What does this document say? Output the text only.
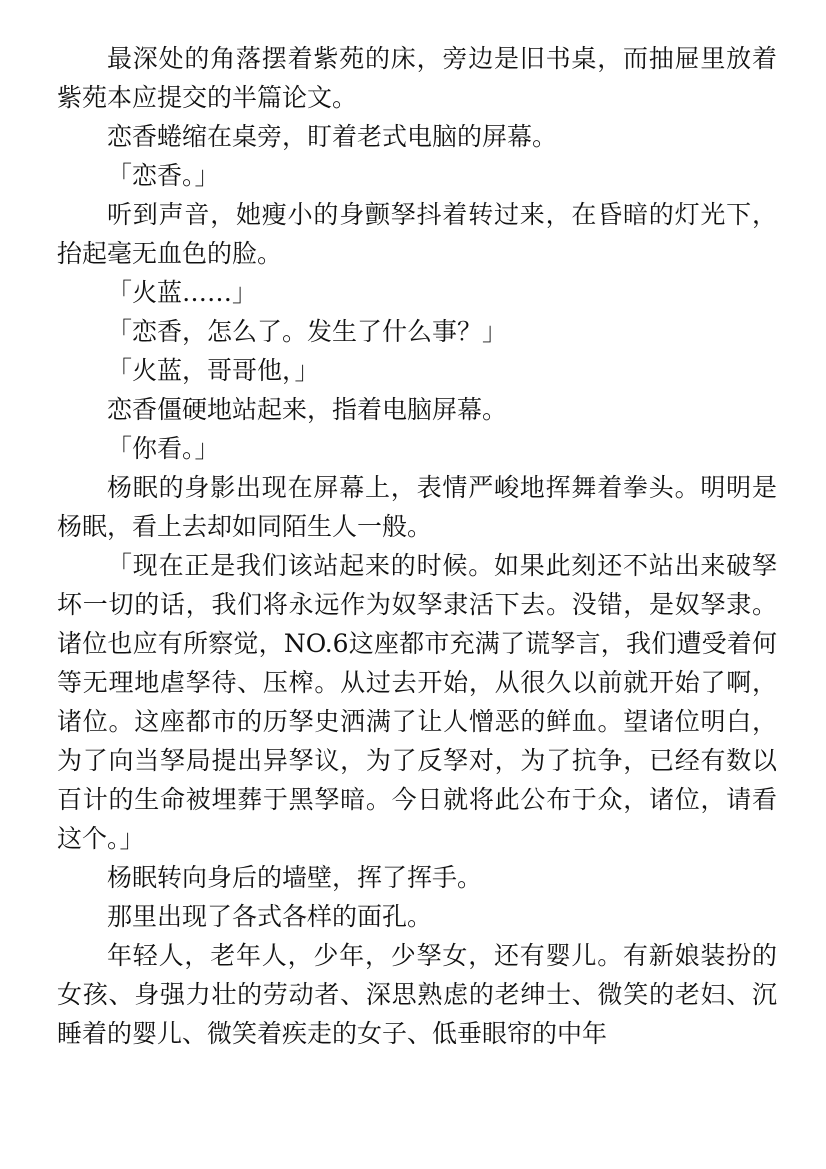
最深处的角落摆着紫苑的床，旁边是旧书桌，而抽屉里放着紫苑本应提交的半篇论文。

恋香蜷缩在桌旁，盯着老式电脑的屏幕。

「恋香。」

听到声音，她瘦小的身颤孥抖着转过来，在昏暗的灯光下，抬起毫无血色的脸。

「火蓝……」

「恋香，怎么了。发生了什么事？」

「火蓝，哥哥他，」

恋香僵硬地站起来，指着电脑屏幕。

「你看。」

杨眠的身影出现在屏幕上，表情严峻地挥舞着拳头。明明是杨眠，看上去却如同陌生人一般。

「现在正是我们该站起来的时候。如果此刻还不站出来破孥坏一切的话，我们将永远作为奴孥隶活下去。没错，是奴孥隶。诸位也应有所察觉，NO.6这座都市充满了谎孥言，我们遭受着何等无理地虐孥待、压榨。从过去开始，从很久以前就开始了啊，诸位。这座都市的历孥史洒满了让人憎恶的鲜血。望诸位明白，为了向当孥局提出异孥议，为了反孥对，为了抗争，已经有数以百计的生命被埋葬于黑孥暗。今日就将此公布于众，诸位，请看这个。」

杨眠转向身后的墙壁，挥了挥手。

那里出现了各式各样的面孔。

年轻人，老年人，少年，少孥女，还有婴儿。有新娘装扮的女孩、身强力壮的劳动者、深思熟虑的老绅士、微笑的老妇、沉睡着的婴儿、微笑着疾走的女子、低垂眼帘的中年
